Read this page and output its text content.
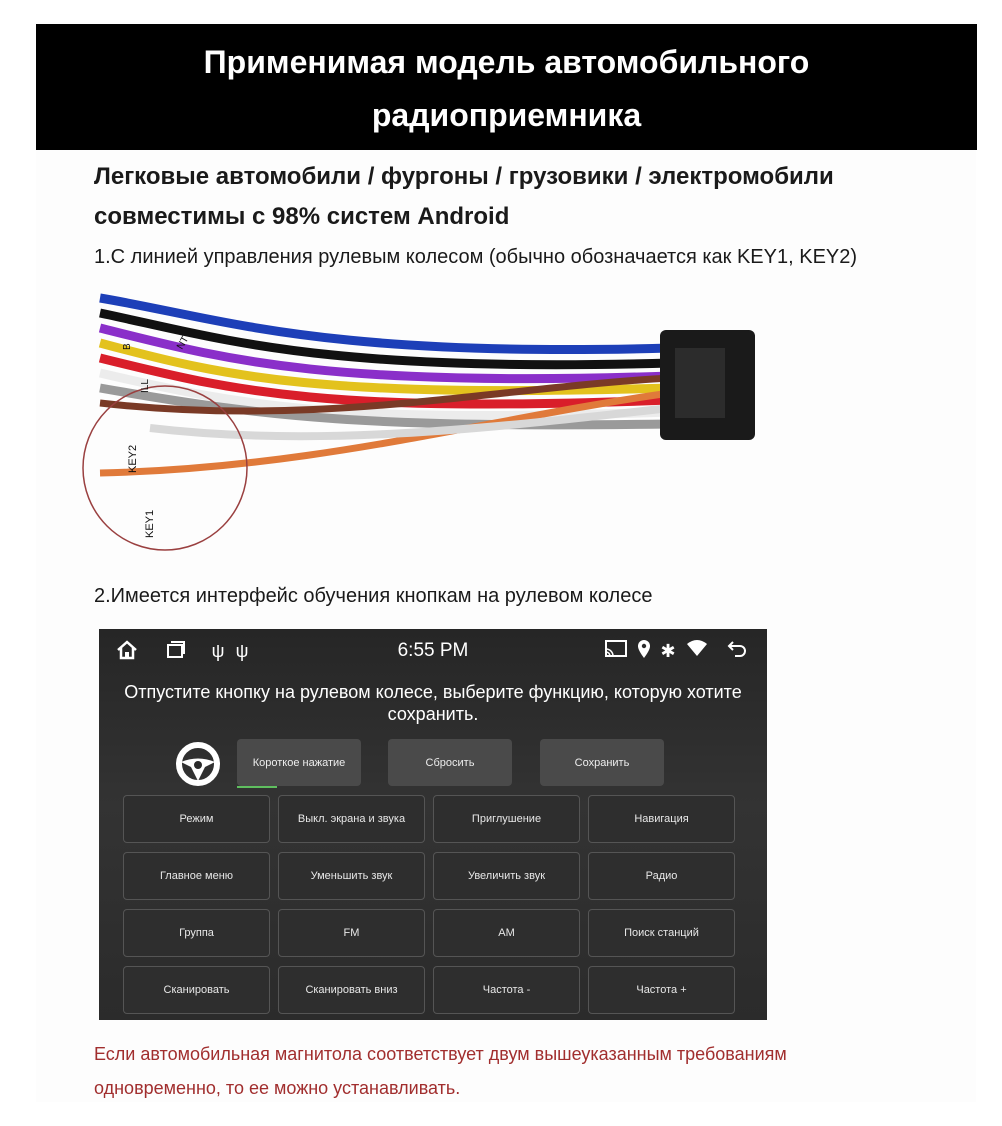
Применимая модель автомобильного
радиоприемника
Легковые автомобили / фургоны / грузовики / электромобили
совместимы с 98% систем Android
1.С линией управления рулевым колесом (обычно обозначается как KEY1, KEY2)
KEY2
KEY1
ILL
NT
B
2.Имеется интерфейс обучения кнопкам на рулевом колесе
ψ ψ	6:55 PM	✱
Отпустите кнопку на рулевом колесе, выберите функцию, которую хотите сохранить.
Короткое нажатие	Сбросить	Сохранить
Режим	Выкл. экрана и звука	Приглушение	Навигация
Главное меню	Уменьшить звук	Увеличить звук	Радио
Группа	FM	AM	Поиск станций
Сканировать	Сканировать вниз	Частота -	Частота +
Если автомобильная магнитола соответствует двум вышеуказанным требованиям
одновременно, то ее можно устанавливать.
